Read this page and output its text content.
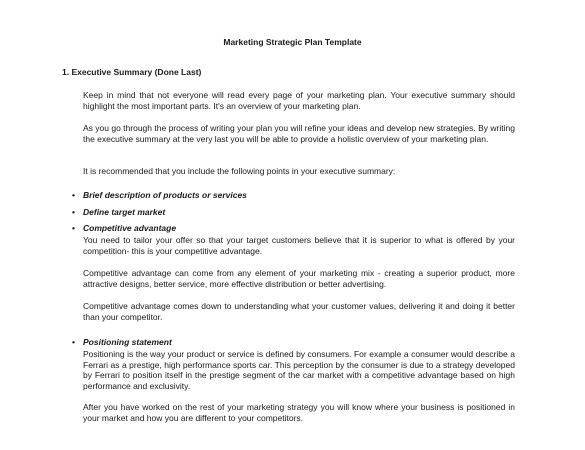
Marketing Strategic Plan Template
1. Executive Summary (Done Last)
Keep in mind that not everyone will read every page of your marketing plan. Your executive summary should highlight the most important parts. It's an overview of your marketing plan.
As you go through the process of writing your plan you will refine your ideas and develop new strategies. By writing the executive summary at the very last you will be able to provide a holistic overview of your marketing plan.
It is recommended that you include the following points in your executive summary:
• Brief description of products or services
• Define target market
• Competitive advantage
You need to tailor your offer so that your target customers believe that it is superior to what is offered by your competition- this is your competitive advantage.
Competitive advantage can come from any element of your marketing mix - creating a superior product, more attractive designs, better service, more effective distribution or better advertising.
Competitive advantage comes down to understanding what your customer values, delivering it and doing it better than your competitor.
• Positioning statement
Positioning is the way your product or service is defined by consumers. For example a consumer would describe a Ferrari as a prestige, high performance sports car. This perception by the consumer is due to a strategy developed by Ferrari to position itself in the prestige segment of the car market with a competitive advantage based on high performance and exclusivity.
After you have worked on the rest of your marketing strategy you will know where your business is positioned in your market and how you are different to your competitors.
